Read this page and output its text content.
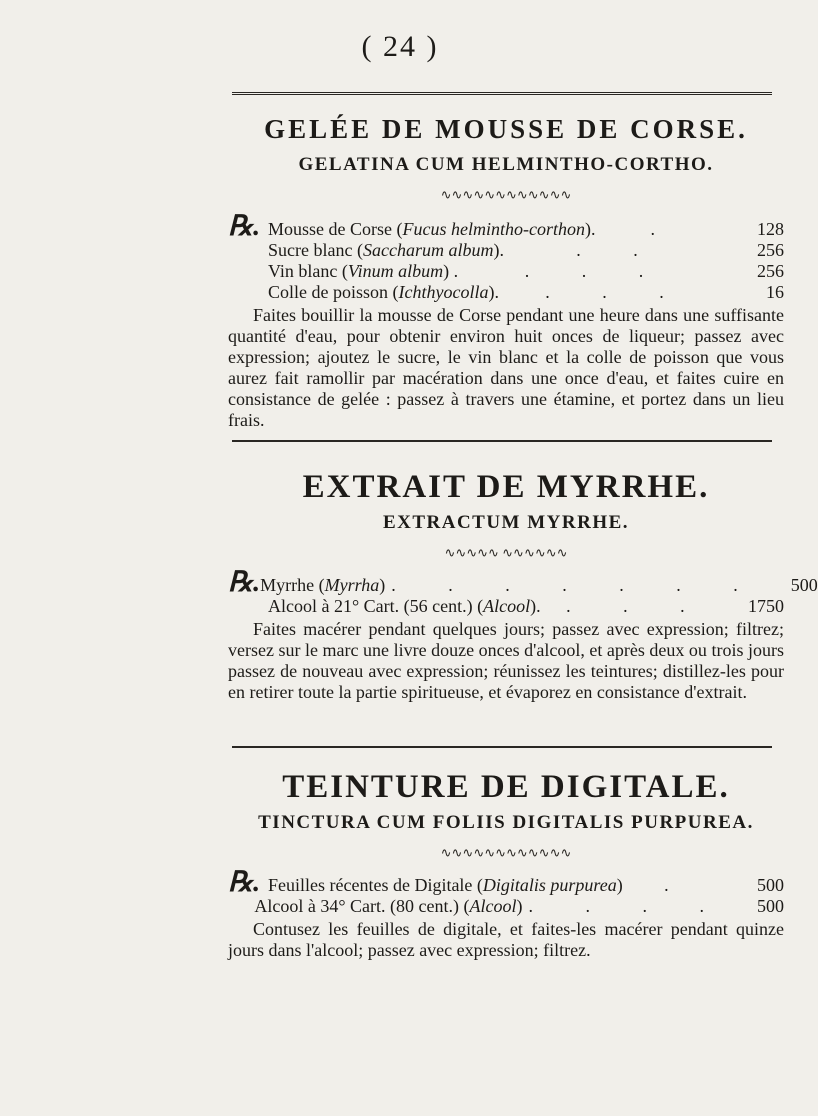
( 24 )
GELÉE DE MOUSSE DE CORSE.
GELATINA CUM HELMINTHO-CORTHO.
∿∿∿∿∿∿∿∿∿∿∿∿
℞. Mousse de Corse (Fucus helmintho-corthon).	.	128
Sucre blanc (Saccharum album).	. .	256
Vin blanc (Vinum album) .	. . .	256
Colle de poisson (Ichthyocolla).	. . .	16

Faites bouillir la mousse de Corse pendant une heure dans une suffisante quantité d'eau, pour obtenir environ huit onces de liqueur; passez avec expression; ajoutez le sucre, le vin blanc et la colle de poisson que vous aurez fait ramollir par macération dans une once d'eau, et faites cuire en consistance de gelée : passez à travers une étamine, et portez dans un lieu frais.

EXTRAIT DE MYRRHE.
EXTRACTUM MYRRHE.
∿∿∿∿∿ ∿∿∿∿∿∿
℞. Myrrhe (Myrrha) . . . . . . .	500
Alcool à 21° Cart. (56 cent.) (Alcool).	. . .	1750

Faites macérer pendant quelques jours; passez avec expression; filtrez; versez sur le marc une livre douze onces d'alcool, et après deux ou trois jours passez de nouveau avec expression; réunissez les teintures; distillez-les pour en retirer toute la partie spiritueuse, et évaporez en consistance d'extrait.

TEINTURE DE DIGITALE.
TINCTURA CUM FOLIIS DIGITALIS PURPUREA.
∿∿∿∿∿∿∿∿∿∿∿∿
℞. Feuilles récentes de Digitale (Digitalis purpurea)	.	500
Alcool à 34° Cart. (80 cent.) (Alcool) . . . .	500

Contusez les feuilles de digitale, et faites-les macérer pendant quinze jours dans l'alcool; passez avec expression; filtrez.
